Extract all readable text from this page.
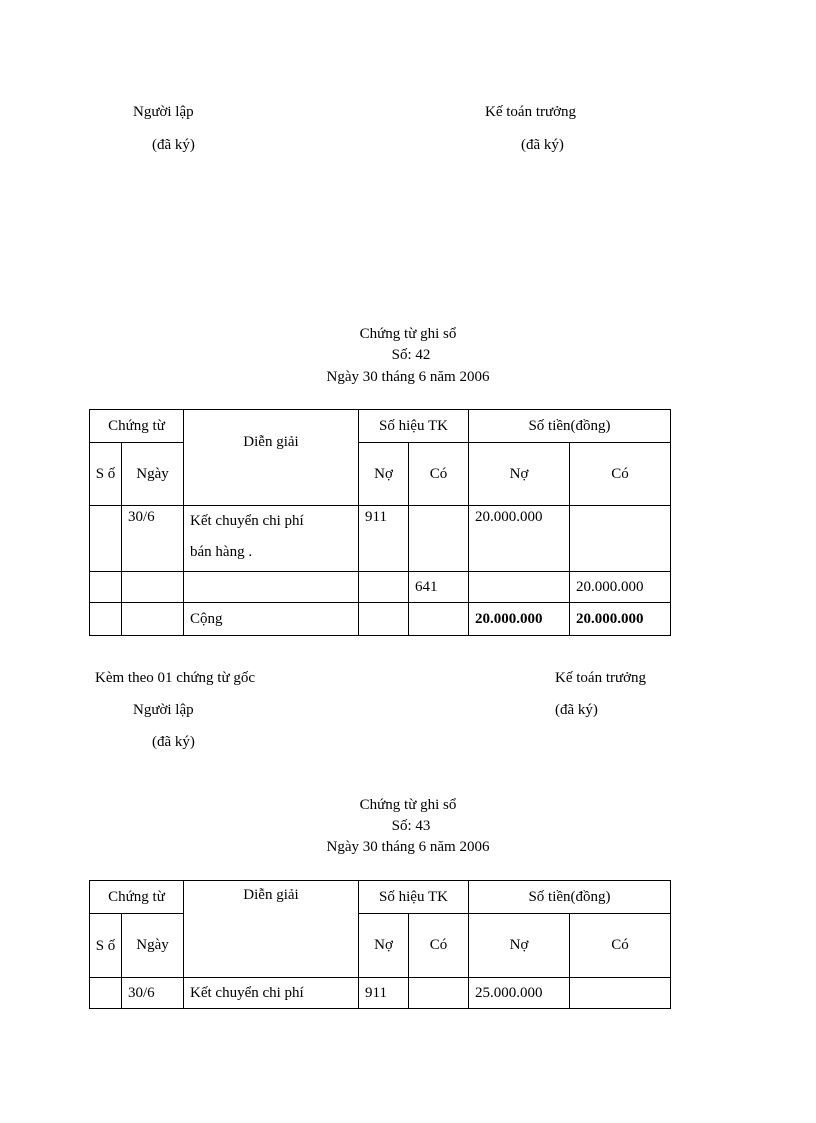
Người lập
(đã ký)
Kế toán trưởng
(đã ký)
Chứng từ ghi sổ
Số: 42
Ngày 30 tháng 6 năm 2006
Chứng từ		Diễn giải	Số hiệu TK		Số tiền(đồng)	
S ố	Ngày		Nợ	Có	Nợ	Có
	30/6	Kết chuyển chi phí
bán hàng .	911		20.000.000	
				641		20.000.000
		Cộng			20.000.000	20.000.000
Kèm theo 01 chứng từ gốc	Kế toán trưởng
Người lập	(đã ký)
(đã ký)
Chứng từ ghi sổ
Số: 43
Ngày 30 tháng 6 năm 2006
Chứng từ		Diễn giải	Số hiệu TK		Số tiền(đồng)	
S ố	Ngày		Nợ	Có	Nợ	Có
	30/6	Kết chuyển chi phí	911		25.000.000	
